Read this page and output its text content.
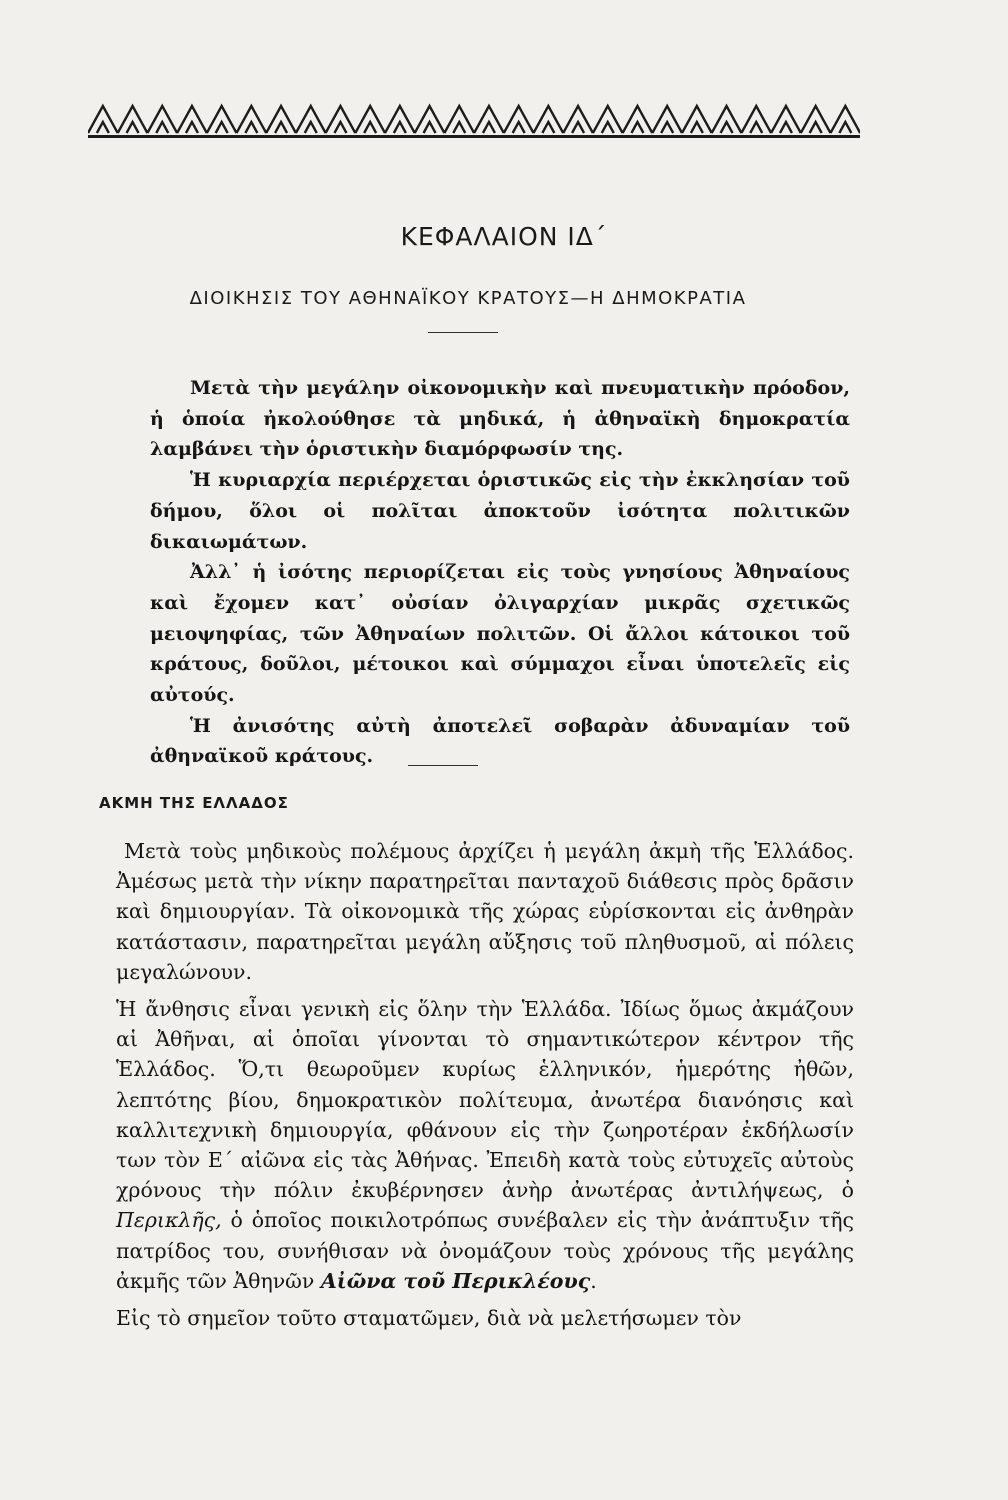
ΚΕΦΑΛΑΙΟΝ ΙΔ΄
ΔΙΟΙΚΗΣΙΣ ΤΟΥ ΑΘΗΝΑΪΚΟΥ ΚΡΑΤΟΥΣ—Η ΔΗΜΟΚΡΑΤΙΑ

Μετὰ τὴν μεγάλην οἰκονομικὴν καὶ πνευματικὴν πρόοδον, ἡ ὁποία ἠκολούθησε τὰ μηδικά, ἡ ἀθηναϊκὴ δημοκρατία λαμβάνει τὴν ὁριστικὴν διαμόρφωσίν της.

Ἡ κυριαρχία περιέρχεται ὁριστικῶς εἰς τὴν ἐκκλησίαν τοῦ δήμου, ὅλοι οἱ πολῖται ἀποκτοῦν ἰσότητα πολιτικῶν δικαιωμάτων.

Ἀλλ᾽ ἡ ἰσότης περιορίζεται εἰς τοὺς γνησίους Ἀθηναίους καὶ ἔχομεν κατ᾽ οὐσίαν ὀλιγαρχίαν μικρᾶς σχετικῶς μειοψηφίας, τῶν Ἀθηναίων πολιτῶν. Οἱ ἄλλοι κάτοικοι τοῦ κράτους, δοῦλοι, μέτοικοι καὶ σύμμαχοι εἶναι ὑποτελεῖς εἰς αὐτούς.

Ἡ ἀνισότης αὐτὴ ἀποτελεῖ σοβαρὰν ἀδυναμίαν τοῦ ἀθηναϊκοῦ κράτους.

ΑΚΜΗ ΤΗΣ ΕΛΛΑΔΟΣ

Μετὰ τοὺς μηδικοὺς πολέμους ἀρχίζει ἡ μεγάλη ἀκμὴ τῆς Ἑλλάδος. Ἀμέσως μετὰ τὴν νίκην παρατηρεῖται πανταχοῦ διάθεσις πρὸς δρᾶσιν καὶ δημιουργίαν. Τὰ οἰκονομικὰ τῆς χώρας εὑρίσκονται εἰς ἀνθηρὰν κατάστασιν, παρατηρεῖται μεγάλη αὔξησις τοῦ πληθυσμοῦ, αἱ πόλεις μεγαλώνουν.

Ἡ ἄνθησις εἶναι γενικὴ εἰς ὅλην τὴν Ἑλλάδα. Ἰδίως ὅμως ἀκμάζουν αἱ Ἀθῆναι, αἱ ὁποῖαι γίνονται τὸ σημαντικώτερον κέντρον τῆς Ἑλλάδος. Ὅ,τι θεωροῦμεν κυρίως ἑλληνικόν, ἡμερότης ἠθῶν, λεπτότης βίου, δημοκρατικὸν πολίτευμα, ἀνωτέρα διανόησις καὶ καλλιτεχνικὴ δημιουργία, φθάνουν εἰς τὴν ζωηροτέραν ἐκδήλωσίν των τὸν Ε΄ αἰῶνα εἰς τὰς Ἀθήνας. Ἐπειδὴ κατὰ τοὺς εὐτυχεῖς αὐτοὺς χρόνους τὴν πόλιν ἐκυβέρνησεν ἀνὴρ ἀνωτέρας ἀντιλήψεως, ὁ Περικλῆς, ὁ ὁποῖος ποικιλοτρόπως συνέβαλεν εἰς τὴν ἀνάπτυξιν τῆς πατρίδος του, συνήθισαν νὰ ὀνομάζουν τοὺς χρόνους τῆς μεγάλης ἀκμῆς τῶν Ἀθηνῶν Αἰῶνα τοῦ Περικλέους.

Εἰς τὸ σημεῖον τοῦτο σταματῶμεν, διὰ νὰ μελετήσωμεν τὸν
